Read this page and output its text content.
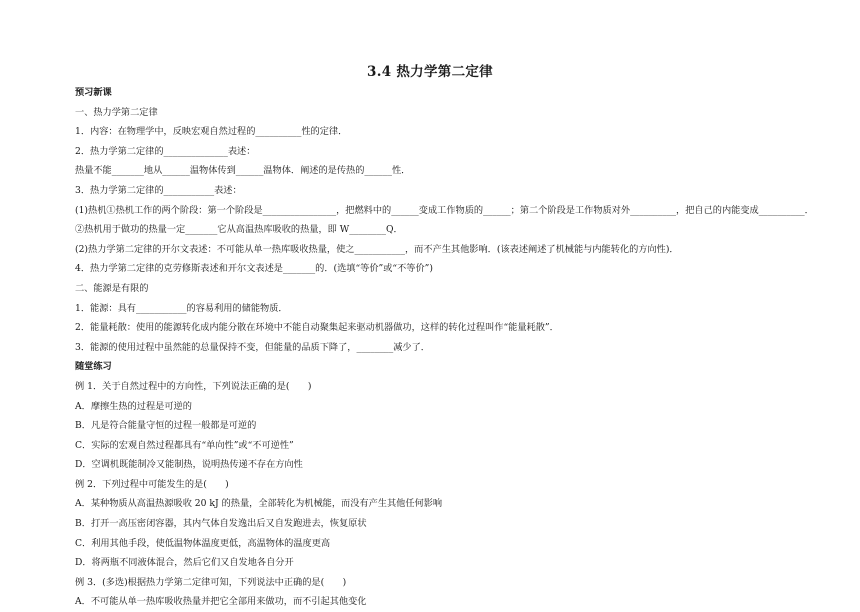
3.4 热力学第二定律
预习新课
一、热力学第二定律
1．内容：在物理学中，反映宏观自然过程的__________性的定律．
2．热力学第二定律的______________表述：
热量不能_______地从______温物体传到______温物体．阐述的是传热的______性．
3．热力学第二定律的___________表述：
(1)热机①热机工作的两个阶段：第一个阶段是________________，把燃料中的______变成工作物质的______；第二个阶段是工作物质对外__________，把自己的内能变成__________．
②热机用于做功的热量一定_______它从高温热库吸收的热量，即 W________Q．
(2)热力学第二定律的开尔文表述：不可能从单一热库吸收热量，使之___________，而不产生其他影响．(该表述阐述了机械能与内能转化的方向性)．
4．热力学第二定律的克劳修斯表述和开尔文表述是_______的．(选填“等价”或“不等价”)
二、能源是有限的
1．能源：具有___________的容易利用的储能物质．
2．能量耗散：使用的能源转化成内能分散在环境中不能自动聚集起来驱动机器做功，这样的转化过程叫作“能量耗散”．
3．能源的使用过程中虽然能的总量保持不变，但能量的品质下降了，________减少了．
随堂练习
例 1．关于自然过程中的方向性，下列说法正确的是(　　)
A．摩擦生热的过程是可逆的
B．凡是符合能量守恒的过程一般都是可逆的
C．实际的宏观自然过程都具有“单向性”或“不可逆性”
D．空调机既能制冷又能制热，说明热传递不存在方向性
例 2．下列过程中可能发生的是(　　)
A．某种物质从高温热源吸收 20 kJ 的热量，全部转化为机械能，而没有产生其他任何影响
B．打开一高压密闭容器，其内气体自发逸出后又自发跑进去，恢复原状
C．利用其他手段，使低温物体温度更低，高温物体的温度更高
D．将两瓶不同液体混合，然后它们又自发地各自分开
例 3．(多选)根据热力学第二定律可知，下列说法中正确的是(　　)
A．不可能从单一热库吸收热量并把它全部用来做功，而不引起其他变化
